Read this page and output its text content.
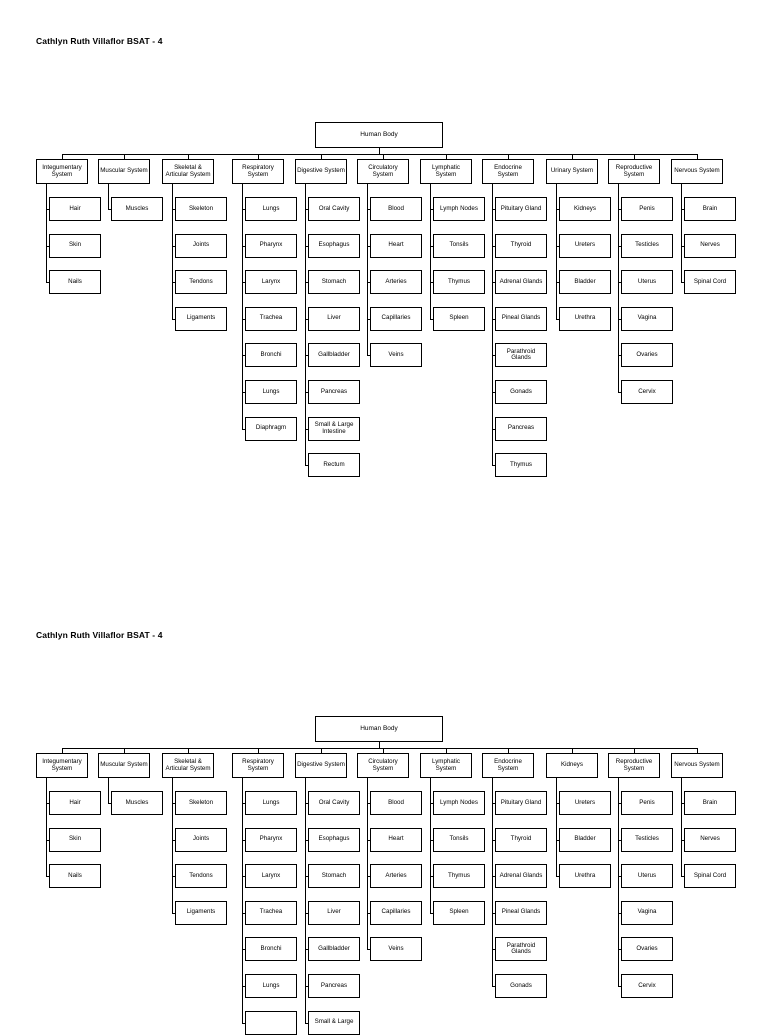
Cathlyn Ruth Villaflor BSAT - 4
Human Body
Integumentary System
Hair
Skin
Nails
Muscular System
Muscles
Skeletal & Articular System
Skeleton
Joints
Tendons
Ligaments
Respiratory System
Lungs
Pharynx
Larynx
Trachea
Bronchi
Lungs
Diaphragm
Digestive System
Oral Cavity
Esophagus
Stomach
Liver
Gallbladder
Pancreas
Small & Large Intestine
Rectum
Circulatory System
Blood
Heart
Arteries
Capillaries
Veins
Lymphatic System
Lymph Nodes
Tonsils
Thymus
Spleen
Endocrine System
Pituitary Gland
Thyroid
Adrenal Glands
Pineal Glands
Parathroid Glands
Gonads
Pancreas
Thymus
Urinary System
Kidneys
Ureters
Bladder
Urethra
Reproductive System
Penis
Testicles
Uterus
Vagina
Ovaries
Cervix
Nervous System
Brain
Nerves
Spinal Cord
Cathlyn Ruth Villaflor BSAT - 4
Human Body
Integumentary System
Hair
Skin
Nails
Muscular System
Muscles
Skeletal & Articular System
Skeleton
Joints
Tendons
Ligaments
Respiratory System
Lungs
Pharynx
Larynx
Trachea
Bronchi
Lungs
Digestive System
Oral Cavity
Esophagus
Stomach
Liver
Gallbladder
Pancreas
Small & Large
Circulatory System
Blood
Heart
Arteries
Capillaries
Veins
Lymphatic System
Lymph Nodes
Tonsils
Thymus
Spleen
Endocrine System
Pituitary Gland
Thyroid
Adrenal Glands
Pineal Glands
Parathroid Glands
Gonads
Kidneys
Ureters
Bladder
Urethra
Reproductive System
Penis
Testicles
Uterus
Vagina
Ovaries
Cervix
Nervous System
Brain
Nerves
Spinal Cord
